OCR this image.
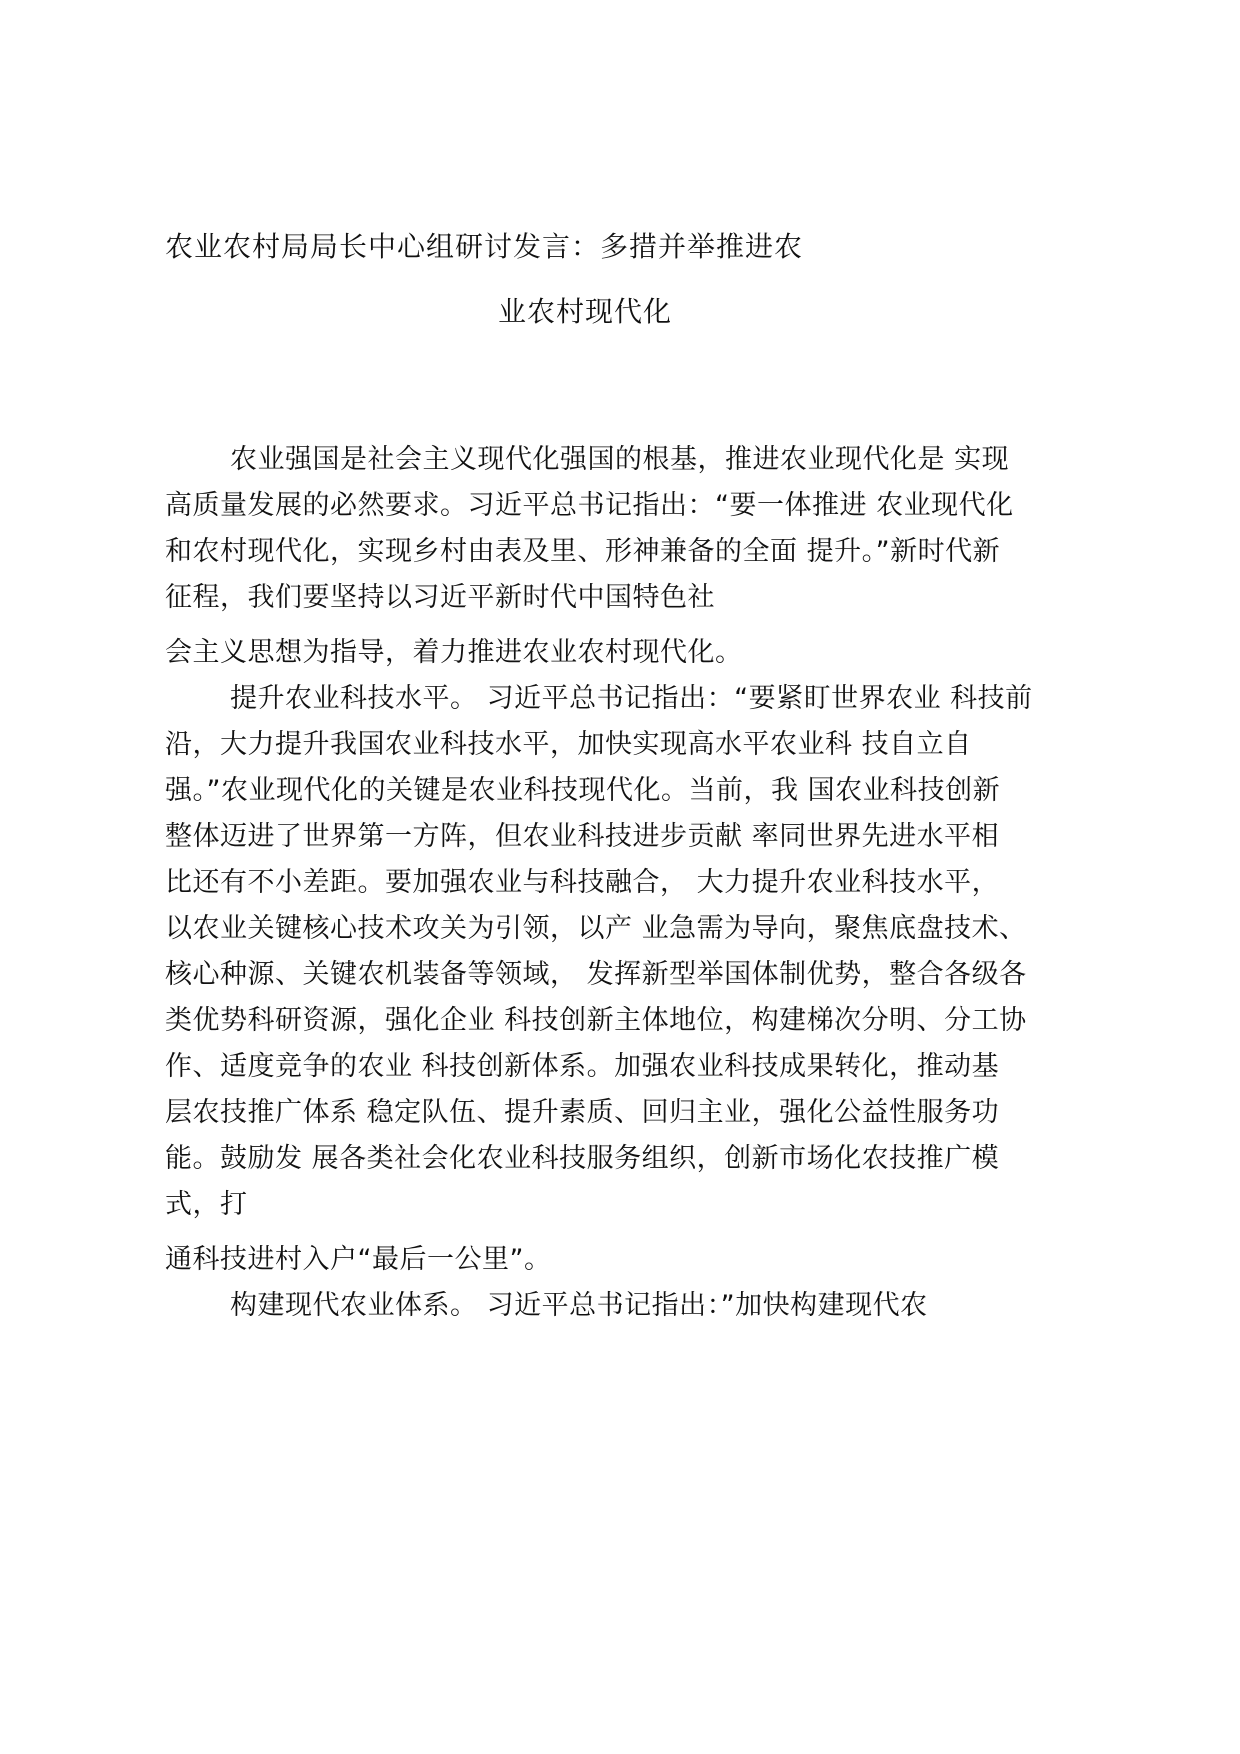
农业农村局局长中心组研讨发言：多措并举推进农
业农村现代化
农业强国是社会主义现代化强国的根基，推进农业现代化是 实现
高质量发展的必然要求。习近平总书记指出：“要一体推进 农业现代化
和农村现代化，实现乡村由表及里、形神兼备的全面 提升。”新时代新
征程，我们要坚持以习近平新时代中国特色社
会主义思想为指导，着力推进农业农村现代化。
提升农业科技水平。 习近平总书记指出：“要紧盯世界农业 科技前
沿，大力提升我国农业科技水平，加快实现高水平农业科 技自立自
强。”农业现代化的关键是农业科技现代化。当前，我 国农业科技创新
整体迈进了世界第一方阵，但农业科技进步贡献 率同世界先进水平相
比还有不小差距。要加强农业与科技融合， 大力提升农业科技水平，
以农业关键核心技术攻关为引领，以产 业急需为导向，聚焦底盘技术、
核心种源、关键农机装备等领域， 发挥新型举国体制优势，整合各级各
类优势科研资源，强化企业 科技创新主体地位，构建梯次分明、分工协
作、适度竞争的农业 科技创新体系。加强农业科技成果转化，推动基
层农技推广体系 稳定队伍、提升素质、回归主业，强化公益性服务功
能。鼓励发 展各类社会化农业科技服务组织，创新市场化农技推广模
式，打
通科技进村入户“最后一公里”。
构建现代农业体系。 习近平总书记指出：”加快构建现代农
